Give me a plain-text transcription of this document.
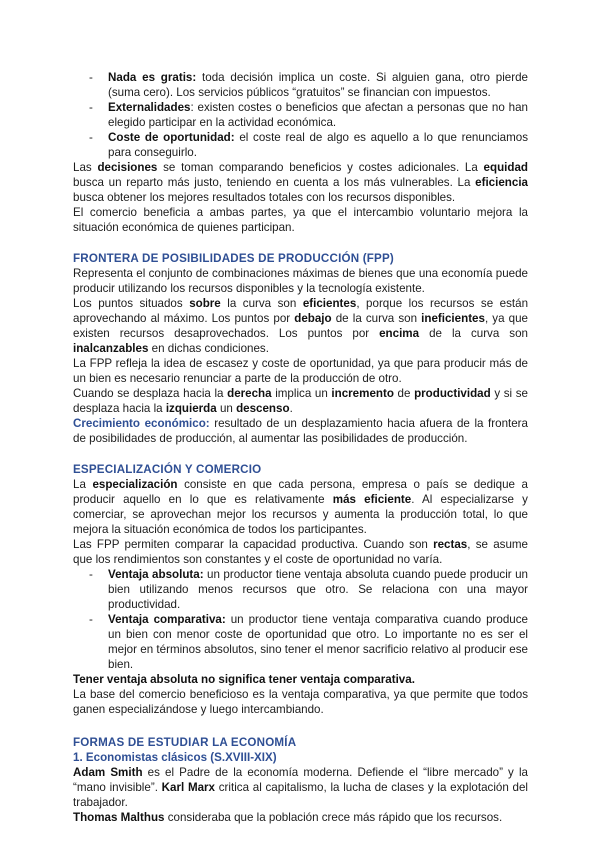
- Nada es gratis: toda decisión implica un coste. Si alguien gana, otro pierde (suma cero). Los servicios públicos “gratuitos” se financian con impuestos.
- Externalidades: existen costes o beneficios que afectan a personas que no han elegido participar en la actividad económica.
- Coste de oportunidad: el coste real de algo es aquello a lo que renunciamos para conseguirlo.

Las decisiones se toman comparando beneficios y costes adicionales. La equidad busca un reparto más justo, teniendo en cuenta a los más vulnerables. La eficiencia busca obtener los mejores resultados totales con los recursos disponibles.

El comercio beneficia a ambas partes, ya que el intercambio voluntario mejora la situación económica de quienes participan.

FRONTERA DE POSIBILIDADES DE PRODUCCIÓN (FPP)

Representa el conjunto de combinaciones máximas de bienes que una economía puede producir utilizando los recursos disponibles y la tecnología existente.

Los puntos situados sobre la curva son eficientes, porque los recursos se están aprovechando al máximo. Los puntos por debajo de la curva son ineficientes, ya que existen recursos desaprovechados. Los puntos por encima de la curva son inalcanzables en dichas condiciones.

La FPP refleja la idea de escasez y coste de oportunidad, ya que para producir más de un bien es necesario renunciar a parte de la producción de otro.

Cuando se desplaza hacia la derecha implica un incremento de productividad y si se desplaza hacia la izquierda un descenso.

Crecimiento económico: resultado de un desplazamiento hacia afuera de la frontera de posibilidades de producción, al aumentar las posibilidades de producción.

ESPECIALIZACIÓN Y COMERCIO

La especialización consiste en que cada persona, empresa o país se dedique a producir aquello en lo que es relativamente más eficiente. Al especializarse y comerciar, se aprovechan mejor los recursos y aumenta la producción total, lo que mejora la situación económica de todos los participantes.

Las FPP permiten comparar la capacidad productiva. Cuando son rectas, se asume que los rendimientos son constantes y el coste de oportunidad no varía.

- Ventaja absoluta: un productor tiene ventaja absoluta cuando puede producir un bien utilizando menos recursos que otro. Se relaciona con una mayor productividad.
- Ventaja comparativa: un productor tiene ventaja comparativa cuando produce un bien con menor coste de oportunidad que otro. Lo importante no es ser el mejor en términos absolutos, sino tener el menor sacrificio relativo al producir ese bien.

Tener ventaja absoluta no significa tener ventaja comparativa.

La base del comercio beneficioso es la ventaja comparativa, ya que permite que todos ganen especializándose y luego intercambiando.

FORMAS DE ESTUDIAR LA ECONOMÍA
1. Economistas clásicos (S.XVIII-XIX)

Adam Smith es el Padre de la economía moderna. Defiende el “libre mercado” y la “mano invisible”. Karl Marx critica al capitalismo, la lucha de clases y la explotación del trabajador.

Thomas Malthus consideraba que la población crece más rápido que los recursos.
